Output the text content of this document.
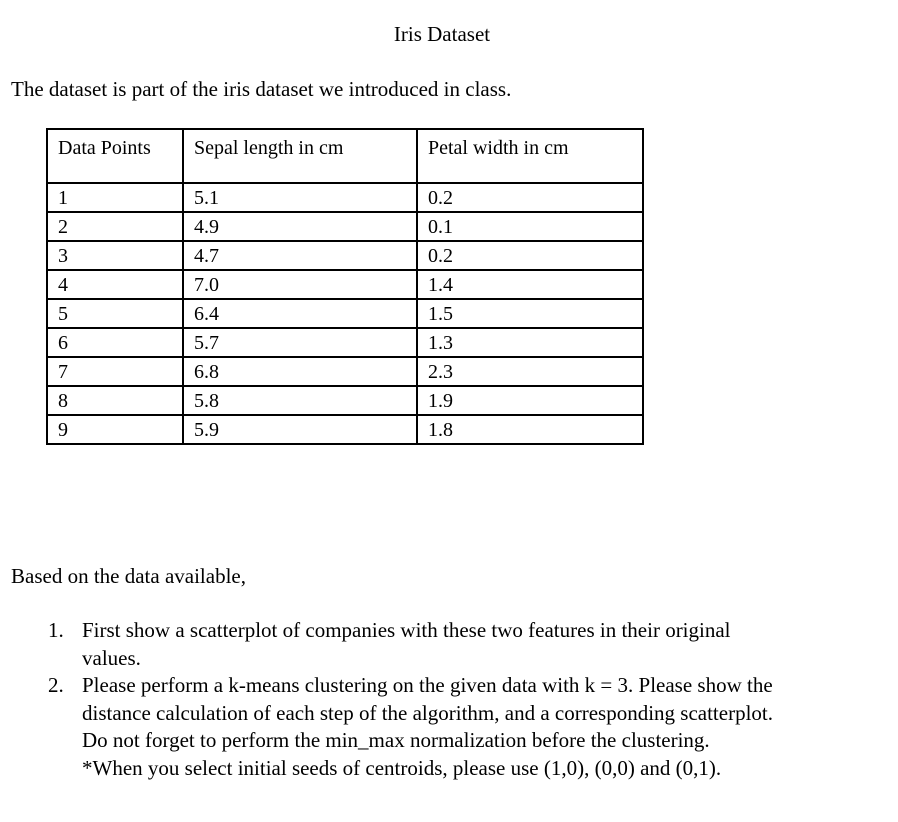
Iris Dataset
The dataset is part of the iris dataset we introduced in class.
Data Points	Sepal length in cm	Petal width in cm
1	5.1	0.2
2	4.9	0.1
3	4.7	0.2
4	7.0	1.4
5	6.4	1.5
6	5.7	1.3
7	6.8	2.3
8	5.8	1.9
9	5.9	1.8
Based on the data available,
1. First show a scatterplot of companies with these two features in their original
values.
2. Please perform a k-means clustering on the given data with k = 3. Please show the
distance calculation of each step of the algorithm, and a corresponding scatterplot.
Do not forget to perform the min_max normalization before the clustering.
*When you select initial seeds of centroids, please use (1,0), (0,0) and (0,1).
